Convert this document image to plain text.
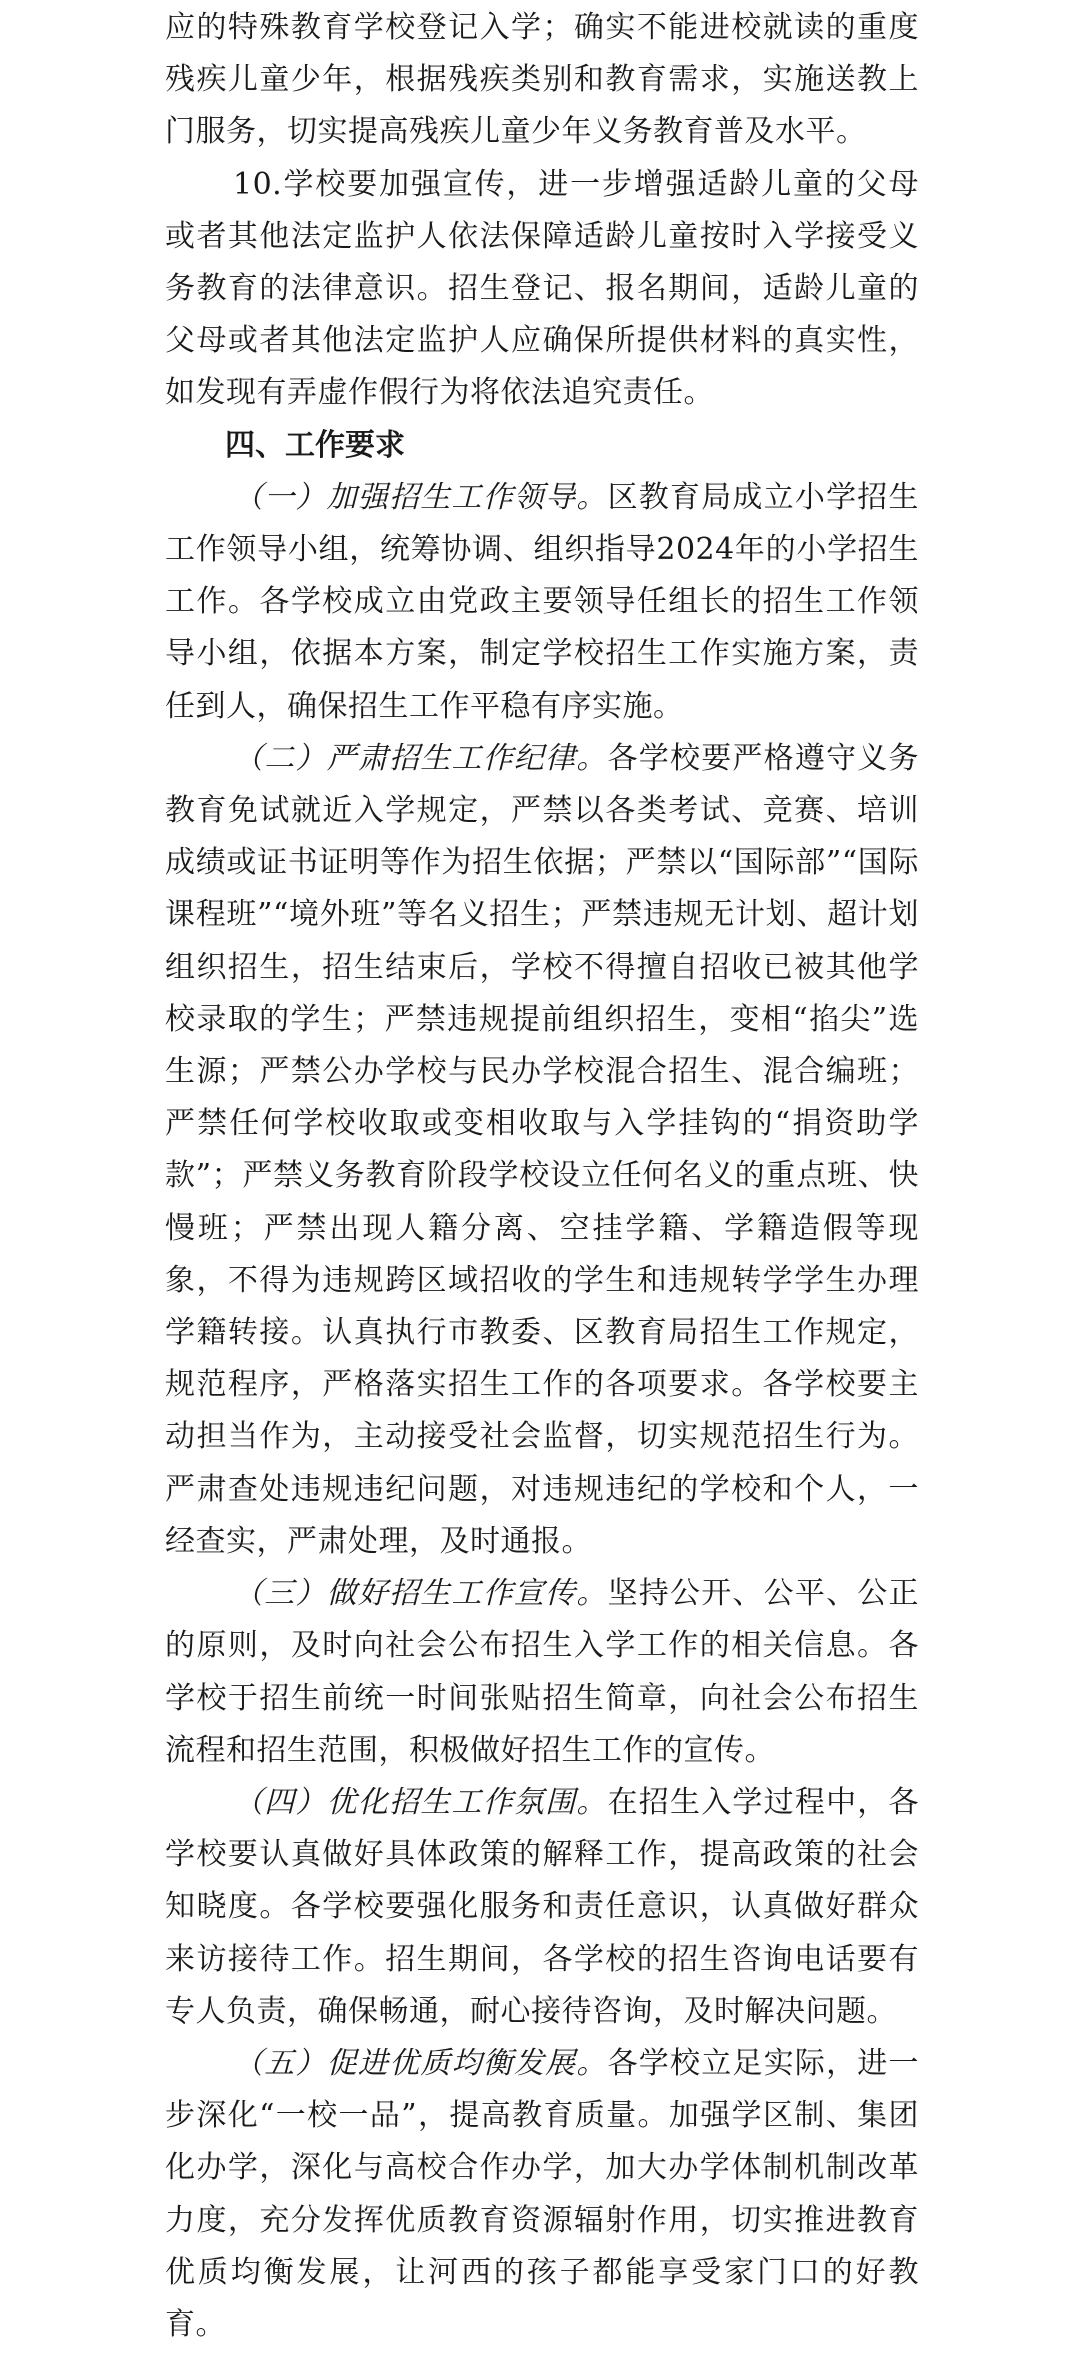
应的特殊教育学校登记入学；确实不能进校就读的重度残疾儿童少年，根据残疾类别和教育需求，实施送教上门服务，切实提高残疾儿童少年义务教育普及水平。

10.学校要加强宣传，进一步增强适龄儿童的父母或者其他法定监护人依法保障适龄儿童按时入学接受义务教育的法律意识。招生登记、报名期间，适龄儿童的父母或者其他法定监护人应确保所提供材料的真实性，如发现有弄虚作假行为将依法追究责任。

四、工作要求

（一）加强招生工作领导。区教育局成立小学招生工作领导小组，统筹协调、组织指导2024年的小学招生工作。各学校成立由党政主要领导任组长的招生工作领导小组，依据本方案，制定学校招生工作实施方案，责任到人，确保招生工作平稳有序实施。

（二）严肃招生工作纪律。各学校要严格遵守义务教育免试就近入学规定，严禁以各类考试、竞赛、培训成绩或证书证明等作为招生依据；严禁以“国际部”“国际课程班”“境外班”等名义招生；严禁违规无计划、超计划组织招生，招生结束后，学校不得擅自招收已被其他学校录取的学生；严禁违规提前组织招生，变相“掐尖”选生源；严禁公办学校与民办学校混合招生、混合编班；严禁任何学校收取或变相收取与入学挂钩的“捐资助学款”；严禁义务教育阶段学校设立任何名义的重点班、快慢班；严禁出现人籍分离、空挂学籍、学籍造假等现象，不得为违规跨区域招收的学生和违规转学学生办理学籍转接。认真执行市教委、区教育局招生工作规定，规范程序，严格落实招生工作的各项要求。各学校要主动担当作为，主动接受社会监督，切实规范招生行为。严肃查处违规违纪问题，对违规违纪的学校和个人，一经查实，严肃处理，及时通报。

（三）做好招生工作宣传。坚持公开、公平、公正的原则，及时向社会公布招生入学工作的相关信息。各学校于招生前统一时间张贴招生简章，向社会公布招生流程和招生范围，积极做好招生工作的宣传。

（四）优化招生工作氛围。在招生入学过程中，各学校要认真做好具体政策的解释工作，提高政策的社会知晓度。各学校要强化服务和责任意识，认真做好群众来访接待工作。招生期间，各学校的招生咨询电话要有专人负责，确保畅通，耐心接待咨询，及时解决问题。

（五）促进优质均衡发展。各学校立足实际，进一步深化“一校一品”，提高教育质量。加强学区制、集团化办学，深化与高校合作办学，加大办学体制机制改革力度，充分发挥优质教育资源辐射作用，切实推进教育优质均衡发展，让河西的孩子都能享受家门口的好教育。
